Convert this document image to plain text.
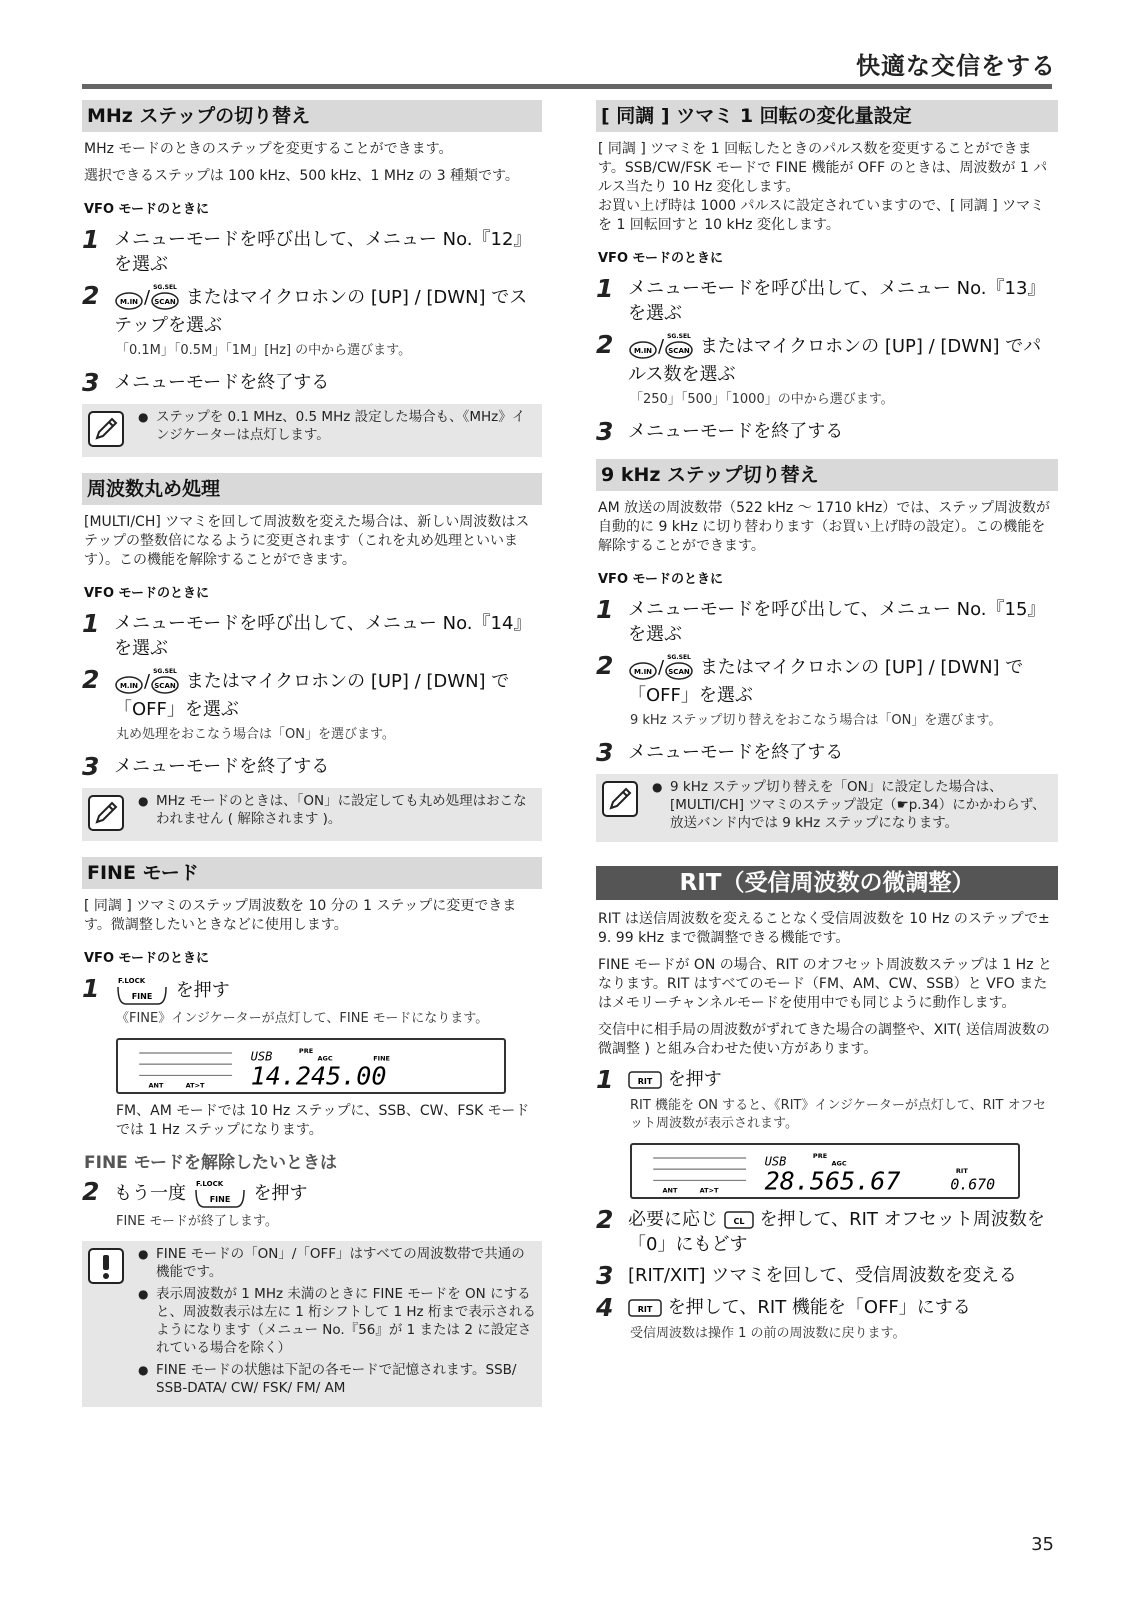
快適な交信をする
MHz ステップの切り替え

MHz モードのときのステップを変更することができます。

選択できるステップは 100 kHz、500 kHz、1 MHz の 3 種類です。

VFO モードのときに
1 メニューモードを呼び出して、メニュー No.『12』を選ぶ
2	M.IN / SG.SEL
SCAN またはマイクロホンの [UP] / [DWN] でステップを選ぶ
「0.1M」「0.5M」「1M」[Hz] の中から選びます。
3 メニューモードを終了する
● ステップを 0.1 MHz、0.5 MHz 設定した場合も、《MHz》インジケーターは点灯します。
周波数丸め処理

[MULTI/CH] ツマミを回して周波数を変えた場合は、新しい周波数はステップの整数倍になるように変更されます（これを丸め処理といいます）。この機能を解除することができます。

VFO モードのときに
1 メニューモードを呼び出して、メニュー No.『14』を選ぶ
2	M.IN / SG.SEL
SCAN またはマイクロホンの [UP] / [DWN] で「OFF」を選ぶ
丸め処理をおこなう場合は「ON」を選びます。
3 メニューモードを終了する
● MHz モードのときは、「ON」に設定しても丸め処理はおこなわれません ( 解除されます )。
FINE モード

[ 同調 ] ツマミのステップ周波数を 10 分の 1 ステップに変更できます。微調整したいときなどに使用します。

VFO モードのときに
1	F.LOCK
FINE を押す
《FINE》インジケーターが点灯して、FINE モードになります。
USB	PRE
AGC	FINE
ANT	AT>T 14.245.00

FM、AM モードでは 10 Hz ステップに、SSB、CW、FSK モードでは 1 Hz ステップになります。

FINE モードを解除したいときは
2 もう一度 F.LOCK
FINE を押す
FINE モードが終了します。
● FINE モードの「ON」/「OFF」はすべての周波数帯で共通の機能です。
● 表示周波数が 1 MHz 未満のときに FINE モードを ON にすると、周波数表示は左に 1 桁シフトして 1 Hz 桁まで表示されるようになります（メニュー No.『56』が 1 または 2 に設定されている場合を除く）
● FINE モードの状態は下記の各モードで記憶されます。SSB/ SSB-DATA/ CW/ FSK/ FM/ AM
[ 同調 ] ツマミ 1 回転の変化量設定

[ 同調 ] ツマミを 1 回転したときのパルス数を変更することができます。SSB/CW/FSK モードで FINE 機能が OFF のときは、周波数が 1 パルス当たり 10 Hz 変化します。

お買い上げ時は 1000 パルスに設定されていますので、[ 同調 ] ツマミを 1 回転回すと 10 kHz 変化します。

VFO モードのときに
1 メニューモードを呼び出して、メニュー No.『13』を選ぶ
2	M.IN / SG.SEL
SCAN またはマイクロホンの [UP] / [DWN] でパルス数を選ぶ
「250」「500」「1000」の中から選びます。
3 メニューモードを終了する
9 kHz ステップ切り替え

AM 放送の周波数帯（522 kHz ～ 1710 kHz）では、ステップ周波数が自動的に 9 kHz に切り替わります（お買い上げ時の設定）。この機能を解除することができます。

VFO モードのときに
1 メニューモードを呼び出して、メニュー No.『15』を選ぶ
2	M.IN / SG.SEL
SCAN またはマイクロホンの [UP] / [DWN] で「OFF」を選ぶ
9 kHz ステップ切り替えをおこなう場合は「ON」を選びます。
3 メニューモードを終了する
● 9 kHz ステップ切り替えを「ON」に設定した場合は、[MULTI/CH] ツマミのステップ設定（☛p.34）にかかわらず、放送バンド内では 9 kHz ステップになります。
RIT（受信周波数の微調整）

RIT は送信周波数を変えることなく受信周波数を 10 Hz のステップで± 9. 99 kHz まで微調整できる機能です。

FINE モードが ON の場合、RIT のオフセット周波数ステップは 1 Hz となります。RIT はすべてのモード（FM、AM、CW、SSB）と VFO またはメモリーチャンネルモードを使用中でも同じように動作します。

交信中に相手局の周波数がずれてきた場合の調整や、XIT( 送信周波数の微調整 ) と組み合わせた使い方があります。

1	RIT を押す
RIT 機能を ON すると、《RIT》インジケーターが点灯して、RIT オフセット周波数が表示されます。
USB	PRE
AGC
ANT	AT>T 28.565.67	RIT
0.670
2 必要に応じ CL を押して、RIT オフセット周波数を「0」にもどす
3 [RIT/XIT] ツマミを回して、受信周波数を変える
4	RIT を押して、RIT 機能を「OFF」にする
受信周波数は操作 1 の前の周波数に戻ります。
35
